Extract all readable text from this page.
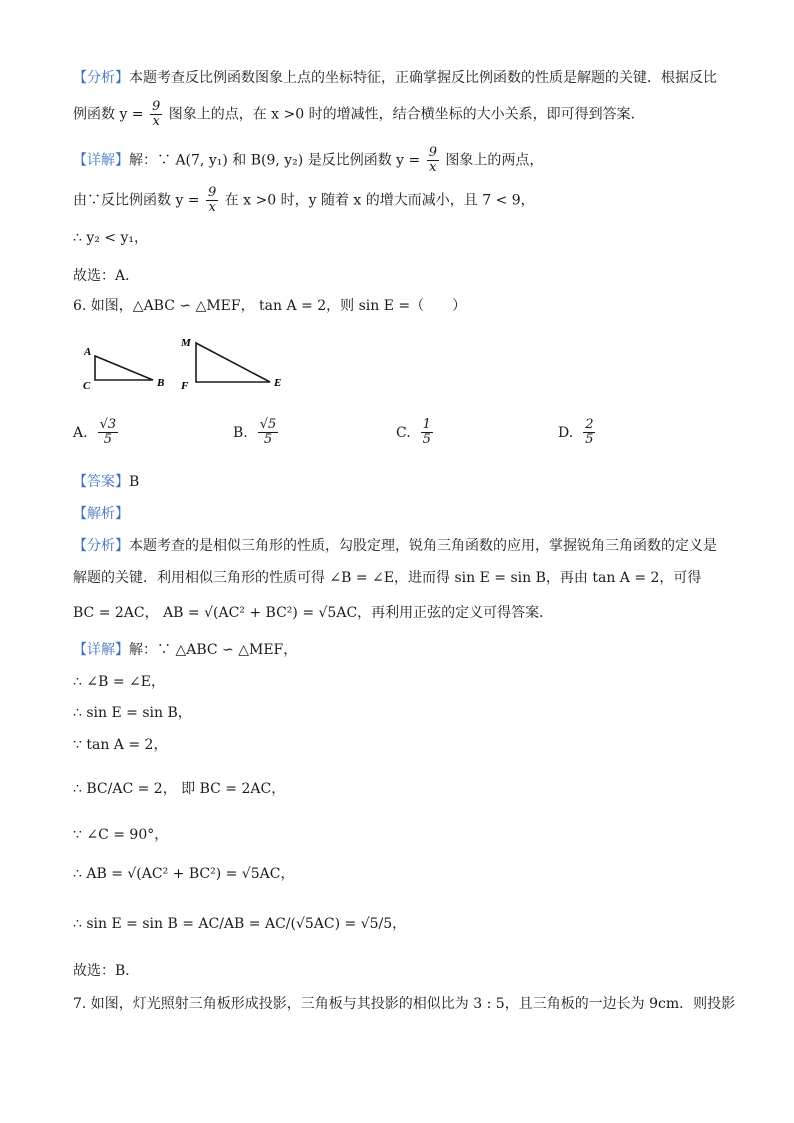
【分析】本题考查反比例函数图象上点的坐标特征，正确掌握反比例函数的性质是解题的关键．根据反比
例函数 $y = \frac{9}{x}$ 图象上的点，在 x >0 时的增减性，结合横坐标的大小关系，即可得到答案．
【详解】解：∵ A(7, y₁) 和 B(9, y₂) 是反比例函数 $y = \frac{9}{x}$ 图象上的两点，
由∵反比例函数 $y = \frac{9}{x}$ 在 x >0 时，y 随着 x 的增大而减小，且 7 < 9，
∴ y₂ < y₁，
故选：A．
6. 如图，△ABC ∽ △MEF， tan A = 2，则 sin E =（　　）
A
C	B
M
F	E
A. $\frac{√3}{5}$	B. $\frac{√5}{5}$	C. $\frac{1}{5}$	D. $\frac{2}{5}$
【答案】B
【解析】
【分析】本题考查的是相似三角形的性质，勾股定理，锐角三角函数的应用，掌握锐角三角函数的定义是
解题的关键．利用相似三角形的性质可得 ∠B = ∠E，进而得 sin E = sin B，再由 tan A = 2，可得
BC = 2AC， AB = √(AC² + BC²) = √5AC，再利用正弦的定义可得答案．
【详解】解：∵ △ABC ∽ △MEF，
∴ ∠B = ∠E，
∴ sin E = sin B，
∵ tan A = 2，
∴ BC/AC = 2， 即 BC = 2AC，
∵ ∠C = 90°，
∴ AB = √(AC² + BC²) = √5AC，
∴ sin E = sin B = AC/AB = AC/(√5AC) = √5/5，
故选：B．
7. 如图，灯光照射三角板形成投影，三角板与其投影的相似比为 3 : 5，且三角板的一边长为 9cm．则投影
